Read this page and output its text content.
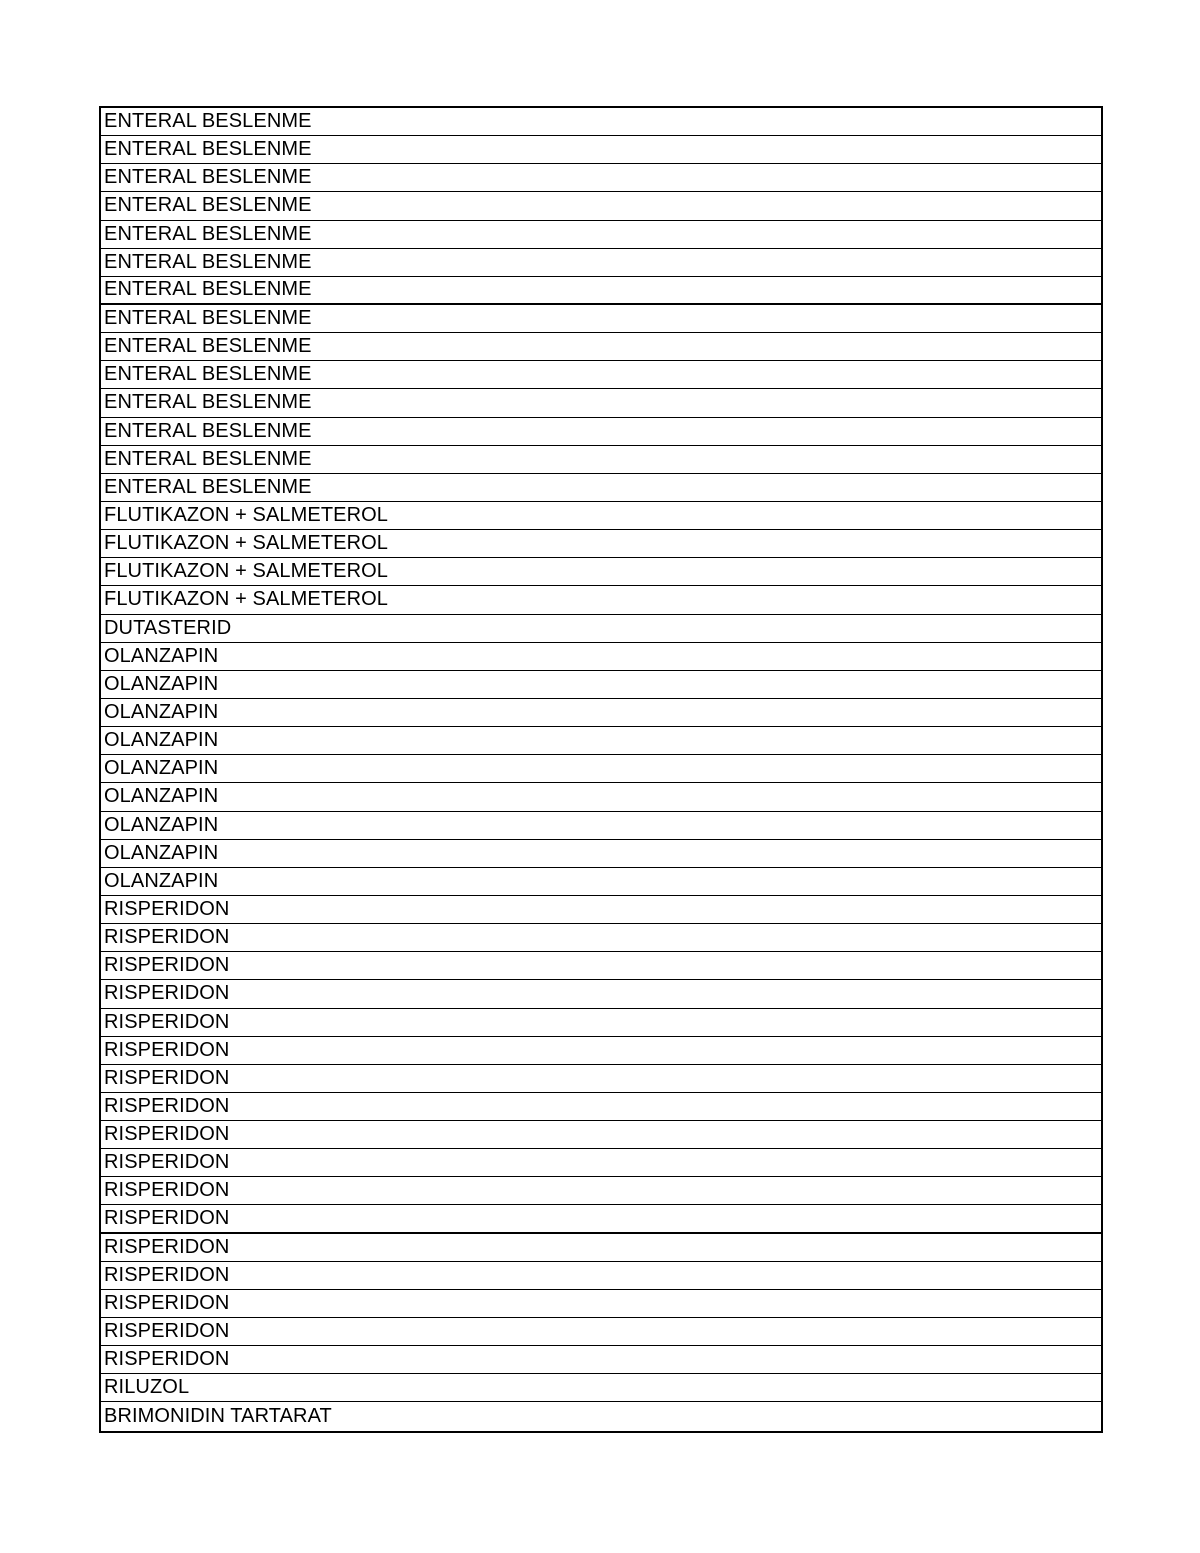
ENTERAL BESLENME
ENTERAL BESLENME
ENTERAL BESLENME
ENTERAL BESLENME
ENTERAL BESLENME
ENTERAL BESLENME
ENTERAL BESLENME
ENTERAL BESLENME
ENTERAL BESLENME
ENTERAL BESLENME
ENTERAL BESLENME
ENTERAL BESLENME
ENTERAL BESLENME
ENTERAL BESLENME
FLUTIKAZON + SALMETEROL
FLUTIKAZON + SALMETEROL
FLUTIKAZON + SALMETEROL
FLUTIKAZON + SALMETEROL
DUTASTERID
OLANZAPIN
OLANZAPIN
OLANZAPIN
OLANZAPIN
OLANZAPIN
OLANZAPIN
OLANZAPIN
OLANZAPIN
OLANZAPIN
RISPERIDON
RISPERIDON
RISPERIDON
RISPERIDON
RISPERIDON
RISPERIDON
RISPERIDON
RISPERIDON
RISPERIDON
RISPERIDON
RISPERIDON
RISPERIDON
RISPERIDON
RISPERIDON
RISPERIDON
RISPERIDON
RISPERIDON
RILUZOL
BRIMONIDIN TARTARAT
